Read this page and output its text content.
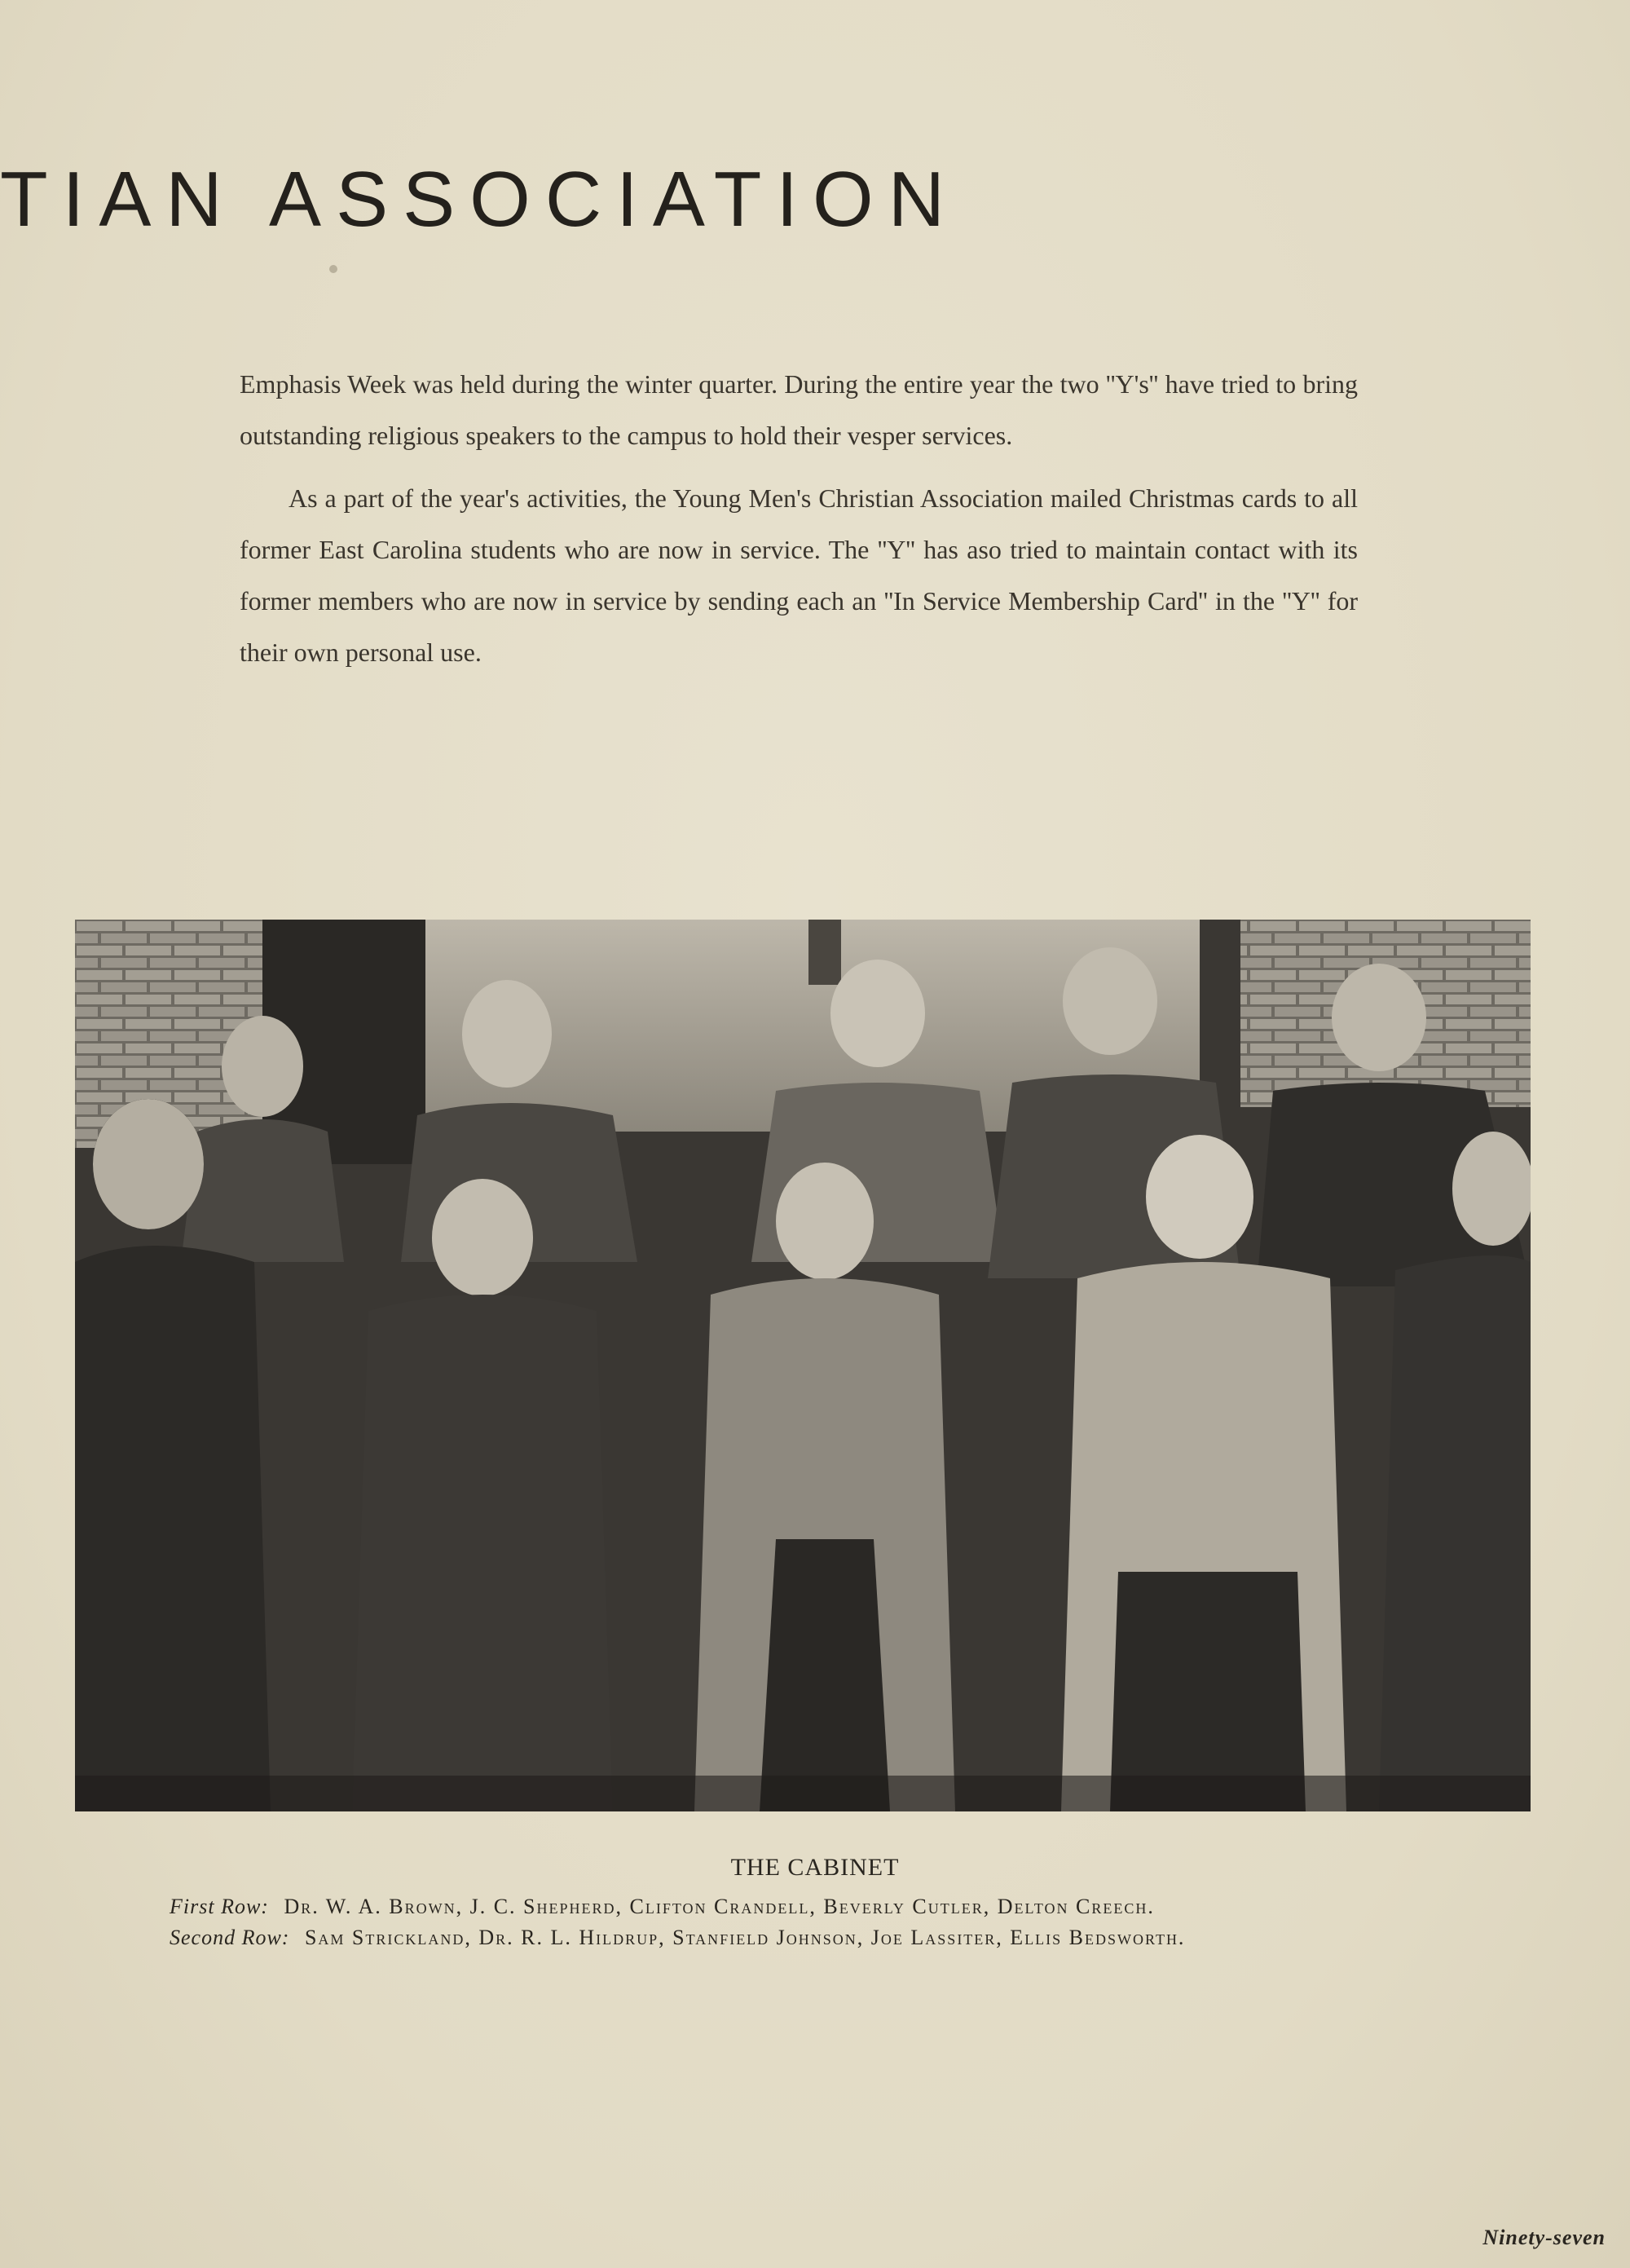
TIAN ASSOCIATION

Emphasis Week was held during the winter quarter. During the entire year the two ''Y's'' have tried to bring outstanding religious speakers to the campus to hold their vesper services.

As a part of the year's activities, the Young Men's Christian Association mailed Christmas cards to all former East Carolina students who are now in service. The ''Y'' has aso tried to maintain contact with its former members who are now in service by sending each an ''In Service Membership Card'' in the ''Y'' for their own personal use.

THE CABINET
First Row: Dr. W. A. Brown, J. C. Shepherd, Clifton Crandell, Beverly Cutler, Delton Creech.
Second Row: Sam Strickland, Dr. R. L. Hildrup, Stanfield Johnson, Joe Lassiter, Ellis Bedsworth.
Ninety-seven
